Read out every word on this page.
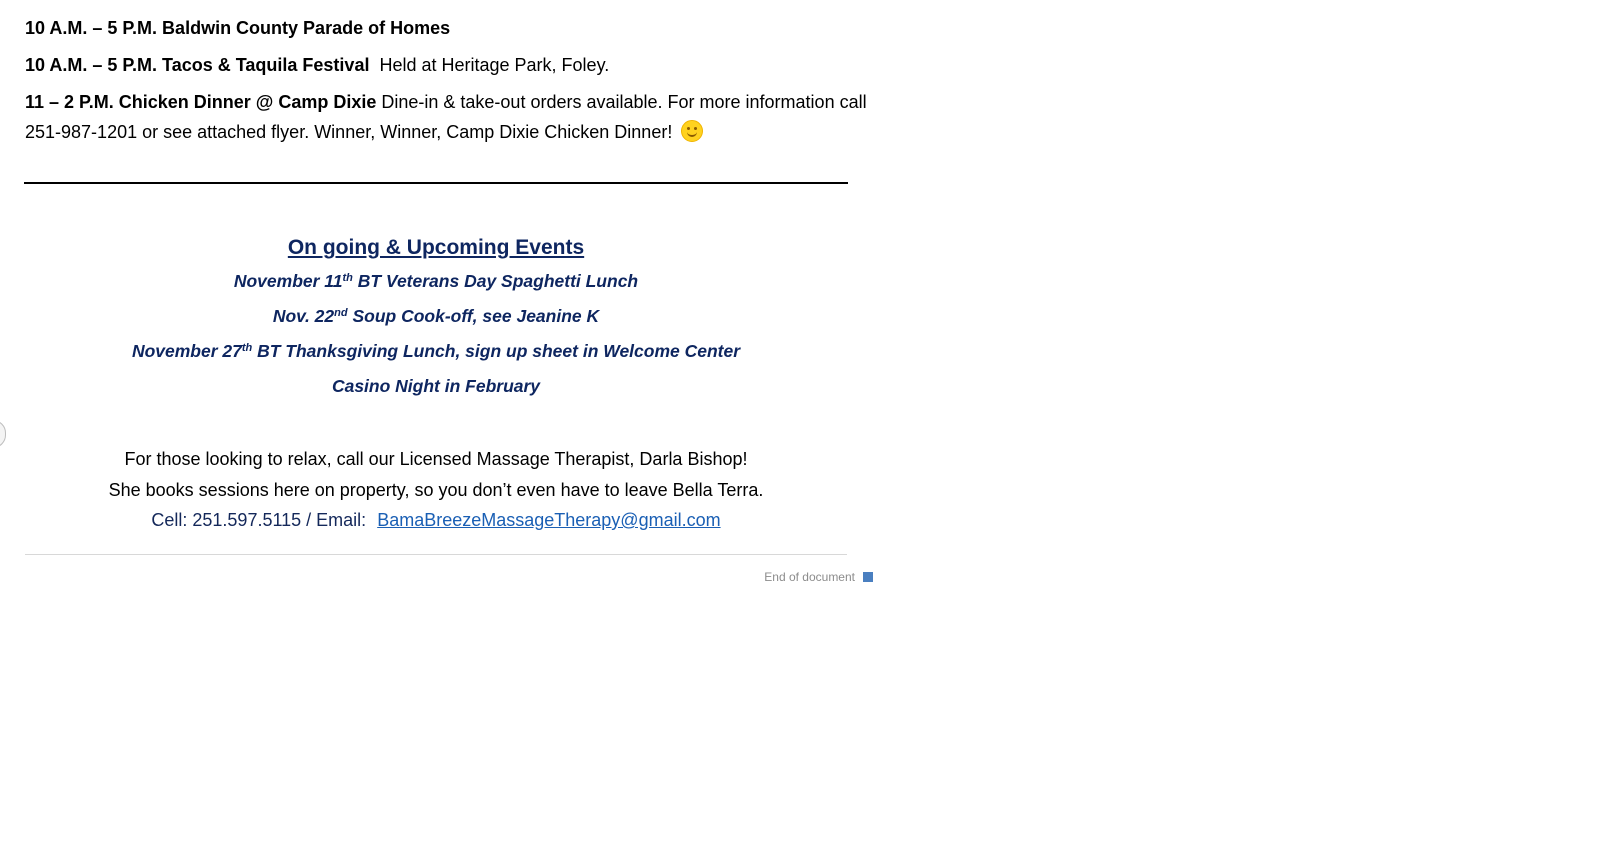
10 A.M. – 5 P.M. Baldwin County Parade of Homes

10 A.M. – 5 P.M. Tacos & Taquila Festival Held at Heritage Park, Foley.

11 – 2 P.M. Chicken Dinner @ Camp Dixie Dine-in & take-out orders available. For more information call 251-987-1201 or see attached flyer. Winner, Winner, Camp Dixie Chicken Dinner!

On going & Upcoming Events

November 11th BT Veterans Day Spaghetti Lunch

Nov. 22nd Soup Cook-off, see Jeanine K

November 27th BT Thanksgiving Lunch, sign up sheet in Welcome Center

Casino Night in February

For those looking to relax, call our Licensed Massage Therapist, Darla Bishop!

She books sessions here on property, so you don’t even have to leave Bella Terra.

Cell: 251.597.5115 / Email: BamaBreezeMassageTherapy@gmail.com

End of document
